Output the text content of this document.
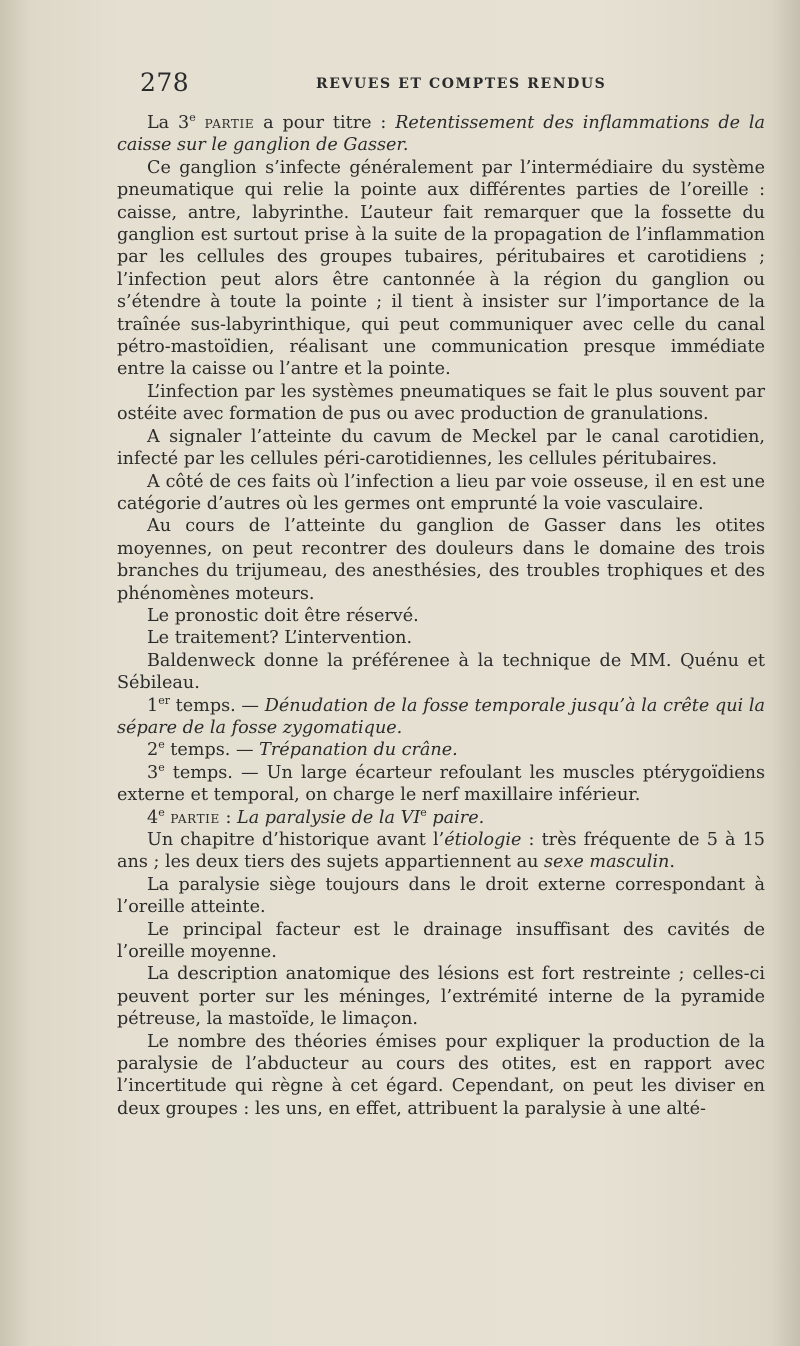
278	REVUES ET COMPTES RENDUS

La 3e partie a pour titre : Retentissement des inflammations de la caisse sur le ganglion de Gasser.

Ce ganglion s’infecte généralement par l’intermédiaire du système pneumatique qui relie la pointe aux différentes parties de l’oreille : caisse, antre, labyrinthe. L’auteur fait remarquer que la fossette du ganglion est surtout prise à la suite de la propagation de l’inflammation par les cellules des groupes tubaires, péritubaires et carotidiens ; l’infection peut alors être cantonnée à la région du ganglion ou s’étendre à toute la pointe ; il tient à insister sur l’importance de la traînée sus-labyrinthique, qui peut communiquer avec celle du canal pétro-mastoïdien, réalisant une communication presque immédiate entre la caisse ou l’antre et la pointe.

L’infection par les systèmes pneumatiques se fait le plus souvent par ostéite avec formation de pus ou avec production de granulations.

A signaler l’atteinte du cavum de Meckel par le canal carotidien, infecté par les cellules péri-carotidiennes, les cellules péritubaires.

A côté de ces faits où l’infection a lieu par voie osseuse, il en est une catégorie d’autres où les germes ont emprunté la voie vasculaire.

Au cours de l’atteinte du ganglion de Gasser dans les otites moyennes, on peut recontrer des douleurs dans le domaine des trois branches du trijumeau, des anesthésies, des troubles trophiques et des phénomènes moteurs.

Le pronostic doit être réservé.

Le traitement? L’intervention.

Baldenweck donne la préférenee à la technique de MM. Quénu et Sébileau.

1er temps. — Dénudation de la fosse temporale jusqu’à la crête qui la sépare de la fosse zygomatique.

2e temps. — Trépanation du crâne.

3e temps. — Un large écarteur refoulant les muscles ptérygoïdiens externe et temporal, on charge le nerf maxillaire inférieur.

4e partie : La paralysie de la VIe paire.

Un chapitre d’historique avant l’étiologie : très fréquente de 5 à 15 ans ; les deux tiers des sujets appartiennent au sexe masculin.

La paralysie siège toujours dans le droit externe correspondant à l’oreille atteinte.

Le principal facteur est le drainage insuffisant des cavités de l’oreille moyenne.

La description anatomique des lésions est fort restreinte ; celles-ci peuvent porter sur les méninges, l’extrémité interne de la pyramide pétreuse, la mastoïde, le limaçon.

Le nombre des théories émises pour expliquer la production de la paralysie de l’abducteur au cours des otites, est en rapport avec l’incertitude qui règne à cet égard. Cependant, on peut les diviser en deux groupes : les uns, en effet, attribuent la paralysie à une alté-
